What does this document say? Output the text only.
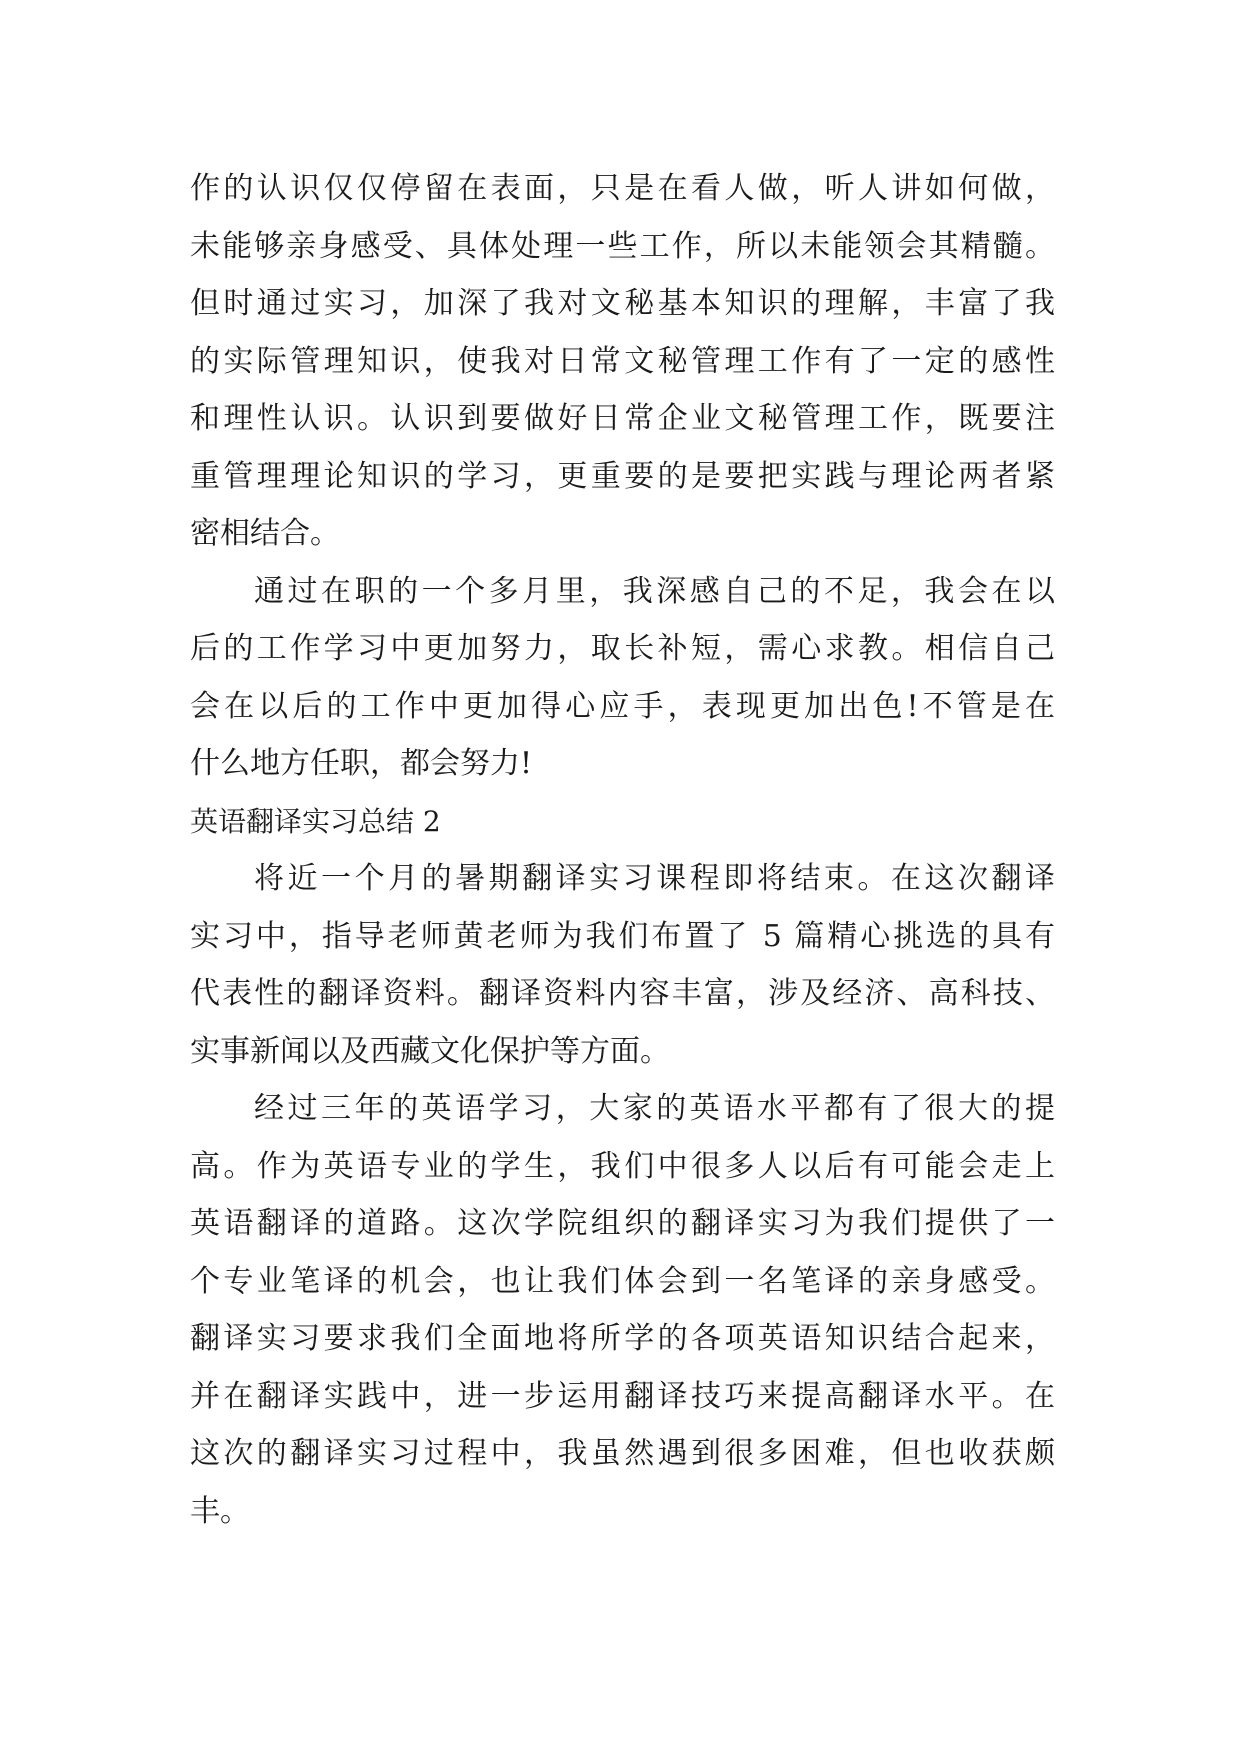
作的认识仅仅停留在表面，只是在看人做，听人讲如何做，
未能够亲身感受、具体处理一些工作，所以未能领会其精髓。
但时通过实习，加深了我对文秘基本知识的理解，丰富了我
的实际管理知识，使我对日常文秘管理工作有了一定的感性
和理性认识。认识到要做好日常企业文秘管理工作，既要注
重管理理论知识的学习，更重要的是要把实践与理论两者紧
密相结合。
通过在职的一个多月里，我深感自己的不足，我会在以
后的工作学习中更加努力，取长补短，需心求教。相信自己
会在以后的工作中更加得心应手，表现更加出色!不管是在
什么地方任职，都会努力!
英语翻译实习总结 2
将近一个月的暑期翻译实习课程即将结束。在这次翻译
实习中，指导老师黄老师为我们布置了 5 篇精心挑选的具有
代表性的翻译资料。翻译资料内容丰富，涉及经济、高科技、
实事新闻以及西藏文化保护等方面。
经过三年的英语学习，大家的英语水平都有了很大的提
高。作为英语专业的学生，我们中很多人以后有可能会走上
英语翻译的道路。这次学院组织的翻译实习为我们提供了一
个专业笔译的机会，也让我们体会到一名笔译的亲身感受。
翻译实习要求我们全面地将所学的各项英语知识结合起来，
并在翻译实践中，进一步运用翻译技巧来提高翻译水平。在
这次的翻译实习过程中，我虽然遇到很多困难，但也收获颇
丰。
